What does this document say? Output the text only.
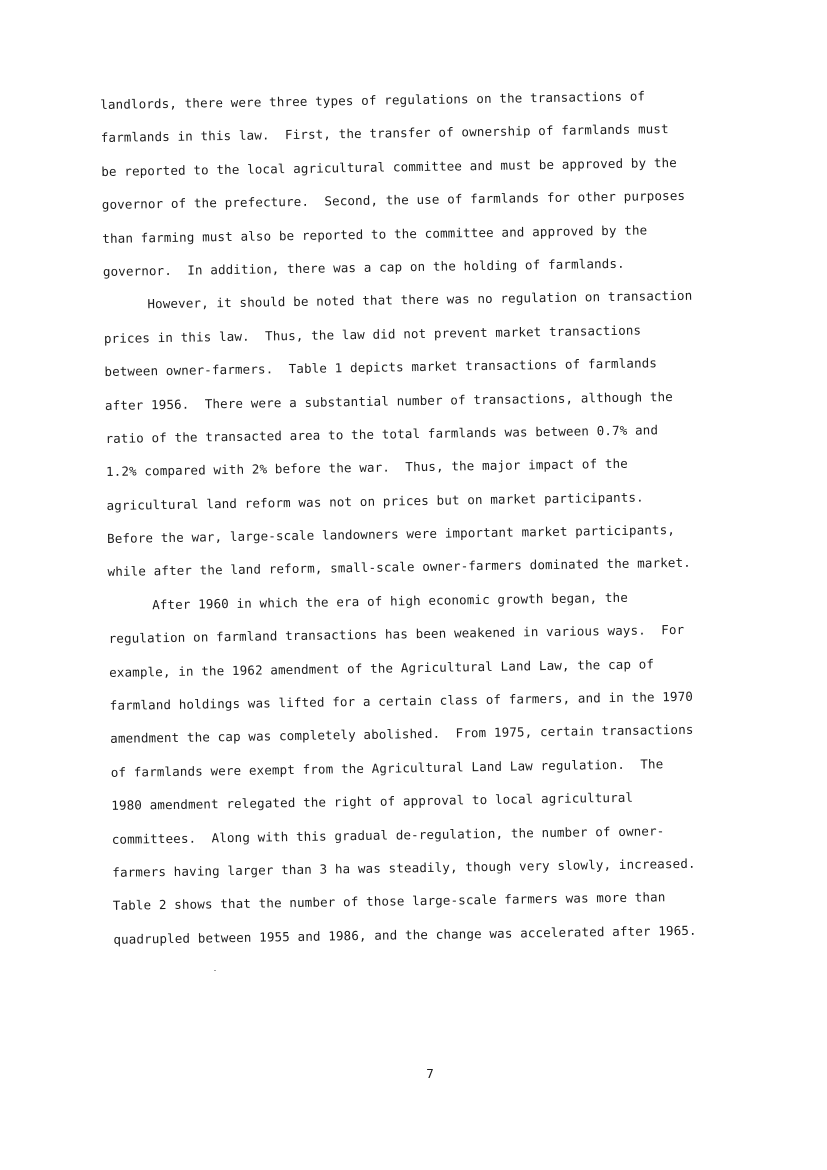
landlords, there were three types of regulations on the transactions of
farmlands in this law.  First, the transfer of ownership of farmlands must
be reported to the local agricultural committee and must be approved by the
governor of the prefecture.  Second, the use of farmlands for other purposes
than farming must also be reported to the committee and approved by the
governor.  In addition, there was a cap on the holding of farmlands.
However, it should be noted that there was no regulation on transaction
prices in this law.  Thus, the law did not prevent market transactions
between owner-farmers.  Table 1 depicts market transactions of farmlands
after 1956.  There were a substantial number of transactions, although the
ratio of the transacted area to the total farmlands was between 0.7% and
1.2% compared with 2% before the war.  Thus, the major impact of the
agricultural land reform was not on prices but on market participants.
Before the war, large-scale landowners were important market participants,
while after the land reform, small-scale owner-farmers dominated the market.
After 1960 in which the era of high economic growth began, the
regulation on farmland transactions has been weakened in various ways.  For
example, in the 1962 amendment of the Agricultural Land Law, the cap of
farmland holdings was lifted for a certain class of farmers, and in the 1970
amendment the cap was completely abolished.  From 1975, certain transactions
of farmlands were exempt from the Agricultural Land Law regulation.  The
1980 amendment relegated the right of approval to local agricultural
committees.  Along with this gradual de-regulation, the number of owner-
farmers having larger than 3 ha was steadily, though very slowly, increased.
Table 2 shows that the number of those large-scale farmers was more than
quadrupled between 1955 and 1986, and the change was accelerated after 1965.
7
